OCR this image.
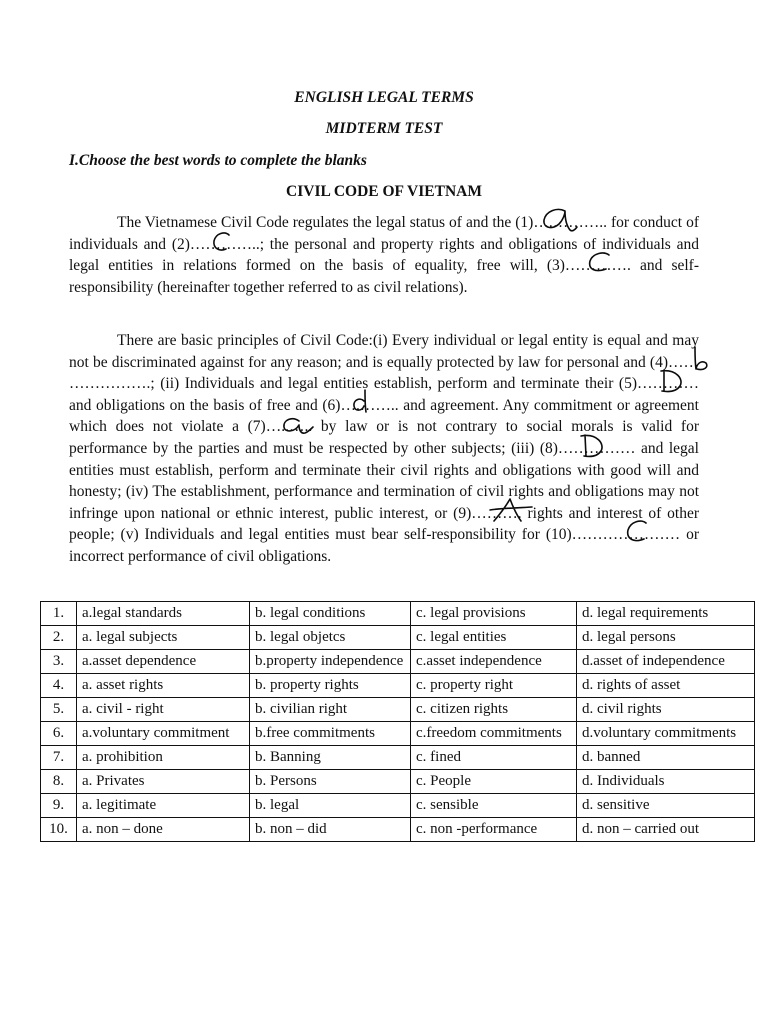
ENGLISH LEGAL TERMS
MIDTERM TEST
I.Choose the best words to complete the blanks
CIVIL CODE OF VIETNAM
The Vietnamese Civil Code regulates the legal status of and the (1)…
.……….. for conduct of individuals and (2)……
……..; the personal and property rights and obligations of individuals and legal entities in relations formed on the basis of equality, free will, (3)……
……. and self-responsibility (hereinafter together referred to as civil relations).
There are basic principles of Civil Code:(i) Every individual or legal entity is equal and may not be discriminated against for any reason; and is equally protected by law for personal and (4)……
…………….; (ii) Individuals and legal entities establish, perform and terminate their (5)……
…… and obligations on the basis of free and (6)….
…….. and agreement. Any commitment or agreement which does not violate a (7)…..
….. by law or is not contrary to social morals is valid for performance by the parties and must be respected by other subjects; (iii) (8)……
……… and legal entities must establish, perform and terminate their civil rights and obligations with good will and honesty; (iv) The establishment, performance and termination of civil rights and obligations may not infringe upon national or ethnic interest, public interest, or (9)……
…. rights and interest of other people; (v) Individuals and legal entities must bear self-responsibility for (10)…………
……… or incorrect performance of civil obligations.
1.	a.legal standards	b. legal conditions	c. legal provisions	d. legal requirements
2.	a. legal subjects	b. legal objetcs	c. legal entities	d. legal persons
3.	a.asset dependence	b.property independence	c.asset independence	d.asset of independence
4.	a. asset rights	b. property rights	c. property right	d. rights of asset
5.	a. civil - right	b. civilian right	c. citizen rights	d. civil rights
6.	a.voluntary commitment	b.free commitments	c.freedom commitments	d.voluntary commitments
7.	a. prohibition	b. Banning	c. fined	d. banned
8.	a. Privates	b. Persons	c. People	d. Individuals
9.	a. legitimate	b. legal	c. sensible	d. sensitive
10.	a. non – done	b. non – did	c. non -performance	d. non – carried out
